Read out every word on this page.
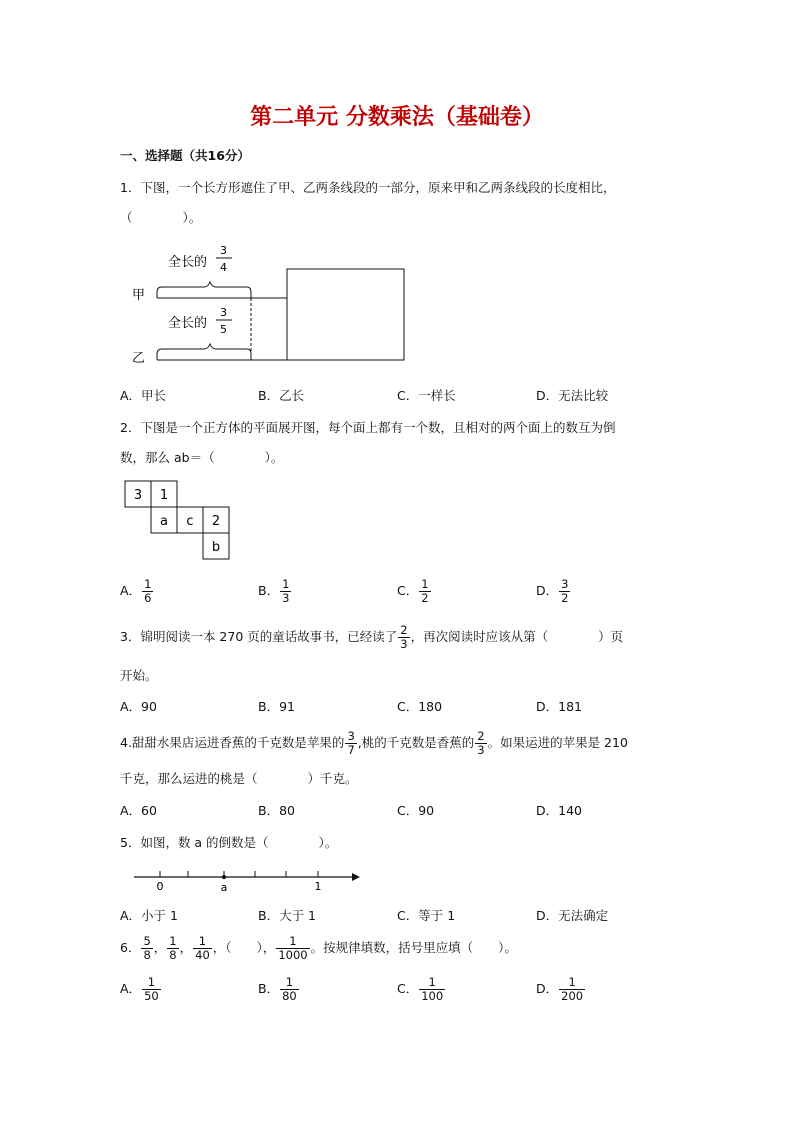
第二单元 分数乘法（基础卷）
一、选择题（共16分）
1．下图，一个长方形遮住了甲、乙两条线段的一部分，原来甲和乙两条线段的长度相比，
（　　　　）。
全长的
3
4
甲
全长的
3
5
乙
A．甲长	B．乙长	C．一样长	D．无法比较
2．下图是一个正方体的平面展开图，每个面上都有一个数，且相对的两个面上的数互为倒
数，那么 ab＝（　　　　）。
3 1
a c 2
b
A． $\frac{1}{6}$	B． $\frac{1}{3}$	C． $\frac{1}{2}$	D． $\frac{3}{2}$
3．锦明阅读一本 270 页的童话故事书，已经读了 $\frac{2}{3}$ ，再次阅读时应该从第（　　　　）页
开始。
A．90	B．91	C．180	D．181
4.甜甜水果店运进香蕉的千克数是苹果的 $\frac{3}{7}$ ,桃的千克数是香蕉的 $\frac{2}{3}$ 。如果运进的苹果是 210
千克，那么运进的桃是（　　　　）千克。
A．60	B．80	C．90	D．140
5．如图，数 a 的倒数是（　　　　）。
0	a	1
A．小于 1	B．大于 1	C．等于 1	D．无法确定
6． $\frac{5}{8}$ ， $\frac{1}{8}$ ， $\frac{1}{40}$ ，（　　）， $\frac{1}{1000}$ 。按规律填数，括号里应填（　　）。
A． $\frac{1}{50}$	B． $\frac{1}{80}$	C． $\frac{1}{100}$	D． $\frac{1}{200}$
